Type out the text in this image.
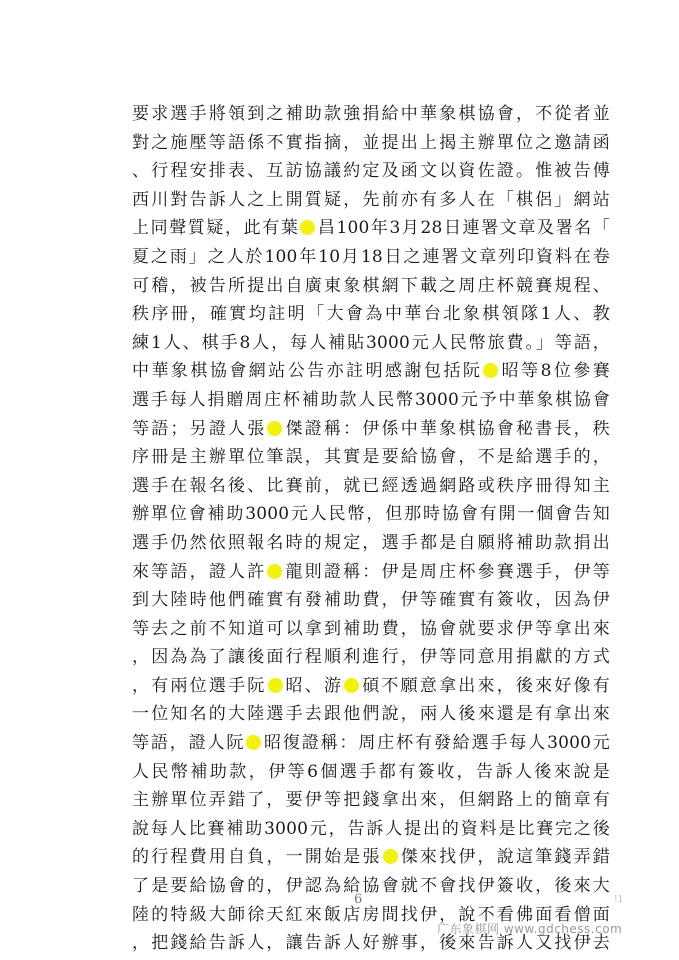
要求選手將領到之補助款強捐給中華象棋協會，不從者並
對之施壓等語係不實指摘，並提出上揭主辦單位之邀請函
、行程安排表、互訪協議約定及函文以資佐證。惟被告傅
西川對告訴人之上開質疑，先前亦有多人在「棋侶」網站
上同聲質疑，此有葉 昌100年3月28日連署文章及署名「
夏之雨」之人於100年10月18日之連署文章列印資料在卷
可稽，被告所提出自廣東象棋網下載之周庄杯競賽規程、
秩序冊，確實均註明「大會為中華台北象棋領隊1人、教
練1人、棋手8人，每人補貼3000元人民幣旅費。」等語，
中華象棋協會網站公告亦註明感謝包括阮 昭等8位參賽
選手每人捐贈周庄杯補助款人民幣3000元予中華象棋協會
等語；另證人張 傑證稱：伊係中華象棋協會秘書長，秩
序冊是主辦單位筆誤，其實是要給協會，不是給選手的，
選手在報名後、比賽前，就已經透過網路或秩序冊得知主
辦單位會補助3000元人民幣，但那時協會有開一個會告知
選手仍然依照報名時的規定，選手都是自願將補助款捐出
來等語，證人許 龍則證稱：伊是周庄杯參賽選手，伊等
到大陸時他們確實有發補助費，伊等確實有簽收，因為伊
等去之前不知道可以拿到補助費，協會就要求伊等拿出來
，因為為了讓後面行程順利進行，伊等同意用捐獻的方式
，有兩位選手阮 昭、游 碩不願意拿出來，後來好像有
一位知名的大陸選手去跟他們說，兩人後來還是有拿出來
等語，證人阮 昭復證稱：周庄杯有發給選手每人3000元
人民幣補助款，伊等6個選手都有簽收，告訴人後來說是
主辦單位弄錯了，要伊等把錢拿出來，但網路上的簡章有
說每人比賽補助3000元，告訴人提出的資料是比賽完之後
的行程費用自負，一開始是張 傑來找伊，說這筆錢弄錯
了是要給協會的，伊認為給協會就不會找伊簽收，後來大
陸的特級大師徐天紅來飯店房間找伊，說不看佛面看僧面
，把錢給告訴人，讓告訴人好辦事，後來告訴人又找伊去
6	!1
广东象棋网 www.gdchess.com
